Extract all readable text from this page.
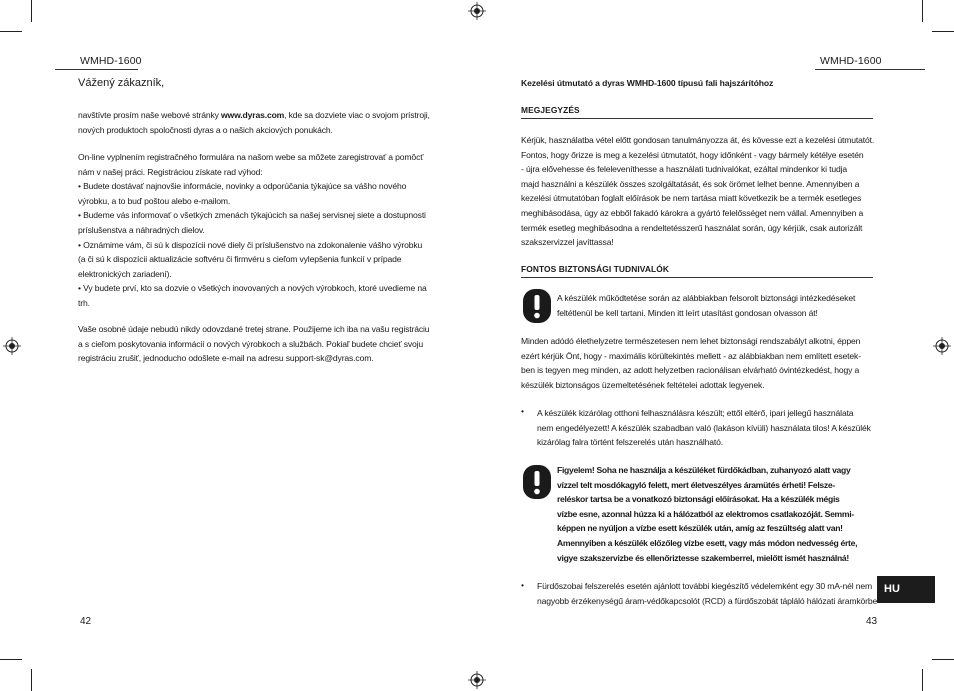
WMHD-1600
Vážený zákazník,

navštívte prosím naše webové stránky www.dyras.com, kde sa dozviete viac o svojom prístroji,

nových produktoch spoločnosti dyras a o našich akciových ponukách.

On-line vyplnením registračného formulára na našom webe sa môžete zaregistrovať a pomôcť

nám v našej práci. Registráciou získate rad výhod:

• Budete dostávať najnovšie informácie, novinky a odporúčania týkajúce sa vášho nového

výrobku, a to buď poštou alebo e-mailom.

• Budeme vás informovať o všetkých zmenách týkajúcich sa našej servisnej siete a dostupnosti

príslušenstva a náhradných dielov.

• Oznámime vám, či sú k dispozícii nové diely či príslušenstvo na zdokonalenie vášho výrobku

(a či sú k dispozícii aktualizácie softvéru či firmvéru s cieľom vylepšenia funkcií v prípade

elektronických zariadení).

• Vy budete prví, kto sa dozvie o všetkých inovovaných a nových výrobkoch, ktoré uvedieme na

trh.

Vaše osobné údaje nebudú nikdy odovzdané tretej strane. Použijeme ich iba na vašu registráciu

a s cieľom poskytovania informácií o nových výrobkoch a službách. Pokiaľ budete chcieť svoju

registráciu zrušiť, jednoducho odošlete e-mail na adresu support-sk@dyras.com.

42
WMHD-1600
Kezelési útmutató a dyras WMHD-1600 típusú fali hajszárítóhoz
MEGJEGYZÉS

Kérjük, használatba vétel előtt gondosan tanulmányozza át, és kövesse ezt a kezelési útmutatót.

Fontos, hogy őrizze is meg a kezelési útmutatót, hogy időnként - vagy bármely kétélye esetén

- újra elővehesse és feleleveníthesse a használati tudnivalókat, ezáltal mindenkor ki tudja

majd használni a készülék összes szolgáltatását, és sok örömet lelhet benne. Amennyiben a

kezelési útmutatóban foglalt előírások be nem tartása miatt következik be a termék esetleges

meghibásodása, úgy az ebből fakadó károkra a gyártó felelősséget nem vállal. Amennyiben a

termék esetleg meghibásodna a rendeltetésszerű használat során, úgy kérjük, csak autorizált

szakszervizzel javíttassa!

FONTOS BIZTONSÁGI TUDNIVALÓK

A készülék működtetése során az alábbiakban felsorolt biztonsági intézkedéseket

feltétlenül be kell tartani. Minden itt leírt utasítást gondosan olvasson át!

Minden adódó élethelyzetre természetesen nem lehet biztonsági rendszabályt alkotni, éppen

ezért kérjük Önt, hogy - maximális körültekintés mellett - az alábbiakban nem említett esetek-

ben is tegyen meg minden, az adott helyzetben racionálisan elvárható óvintézkedést, hogy a

készülék biztonságos üzemeltetésének feltételei adottak legyenek.

• A készülék kizárólag otthoni felhasználásra készült; ettől eltérő, ipari jellegű használata

nem engedélyezett! A készülék szabadban való (lakáson kívüli) használata tilos! A készülék

kizárólag falra történt felszerelés után használható.

Figyelem! Soha ne használja a készüléket fürdőkádban, zuhanyozó alatt vagy

vízzel telt mosdókagyló felett, mert életveszélyes áramütés érheti! Felsze-

reléskor tartsa be a vonatkozó biztonsági előírásokat. Ha a készülék mégis

vízbe esne, azonnal húzza ki a hálózatból az elektromos csatlakozóját. Semmi-

képpen ne nyúljon a vízbe esett készülék után, amíg az feszültség alatt van!

Amennyiben a készülék előzőleg vízbe esett, vagy más módon nedvesség érte,

vigye szakszervizbe és ellenőriztesse szakemberrel, mielőtt ismét használná!

• Fürdőszobai felszerelés esetén ajánlott további kiegészítő védelemként egy 30 mA-nél nem

nagyobb érzékenységű áram-védőkapcsolót (RCD) a fürdőszobát tápláló hálózati áramkörbe

HU
43
